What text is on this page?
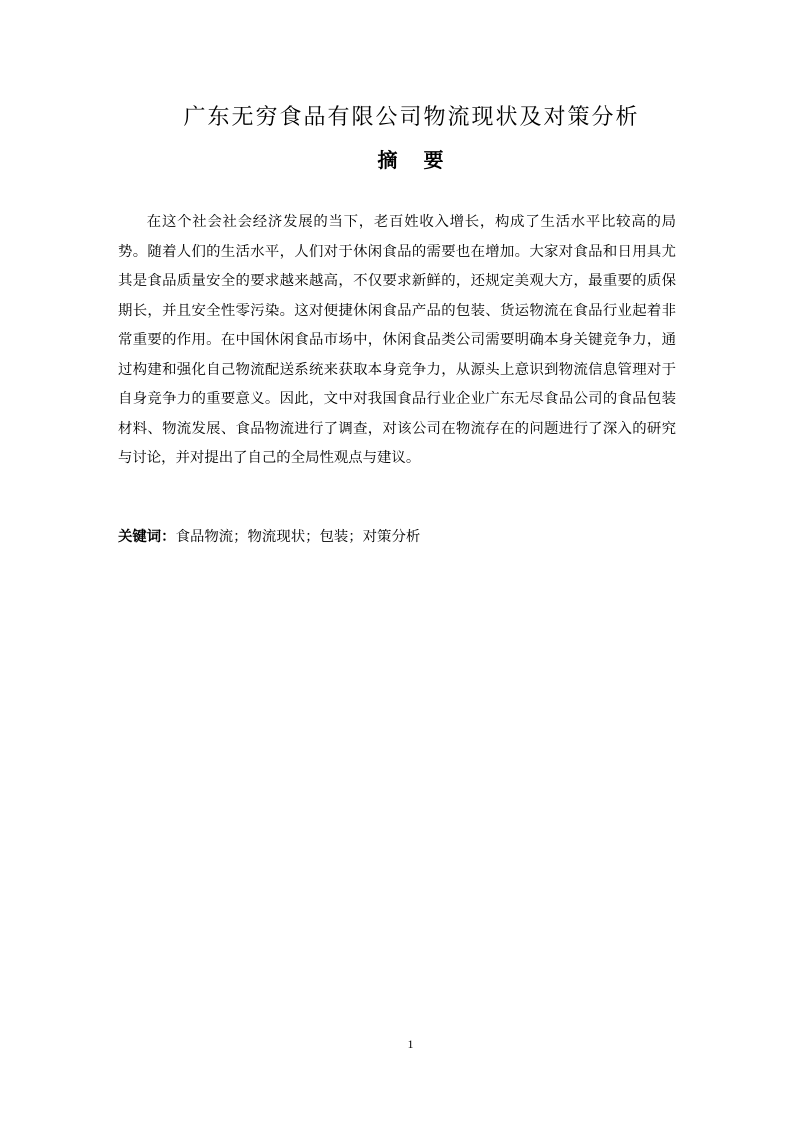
广东无穷食品有限公司物流现状及对策分析
摘 要

在这个社会社会经济发展的当下，老百姓收入增长，构成了生活水平比较高的局势。随着人们的生活水平，人们对于休闲食品的需要也在增加。大家对食品和日用具尤其是食品质量安全的要求越来越高，不仅要求新鲜的，还规定美观大方，最重要的质保期长，并且安全性零污染。这对便捷休闲食品产品的包装、货运物流在食品行业起着非常重要的作用。在中国休闲食品市场中，休闲食品类公司需要明确本身关键竞争力，通过构建和强化自己物流配送系统来获取本身竞争力，从源头上意识到物流信息管理对于自身竞争力的重要意义。因此，文中对我国食品行业企业广东无尽食品公司的食品包装材料、物流发展、食品物流进行了调查，对该公司在物流存在的问题进行了深入的研究与讨论，并对提出了自己的全局性观点与建议。

关键词：食品物流；物流现状；包装；对策分析

1
